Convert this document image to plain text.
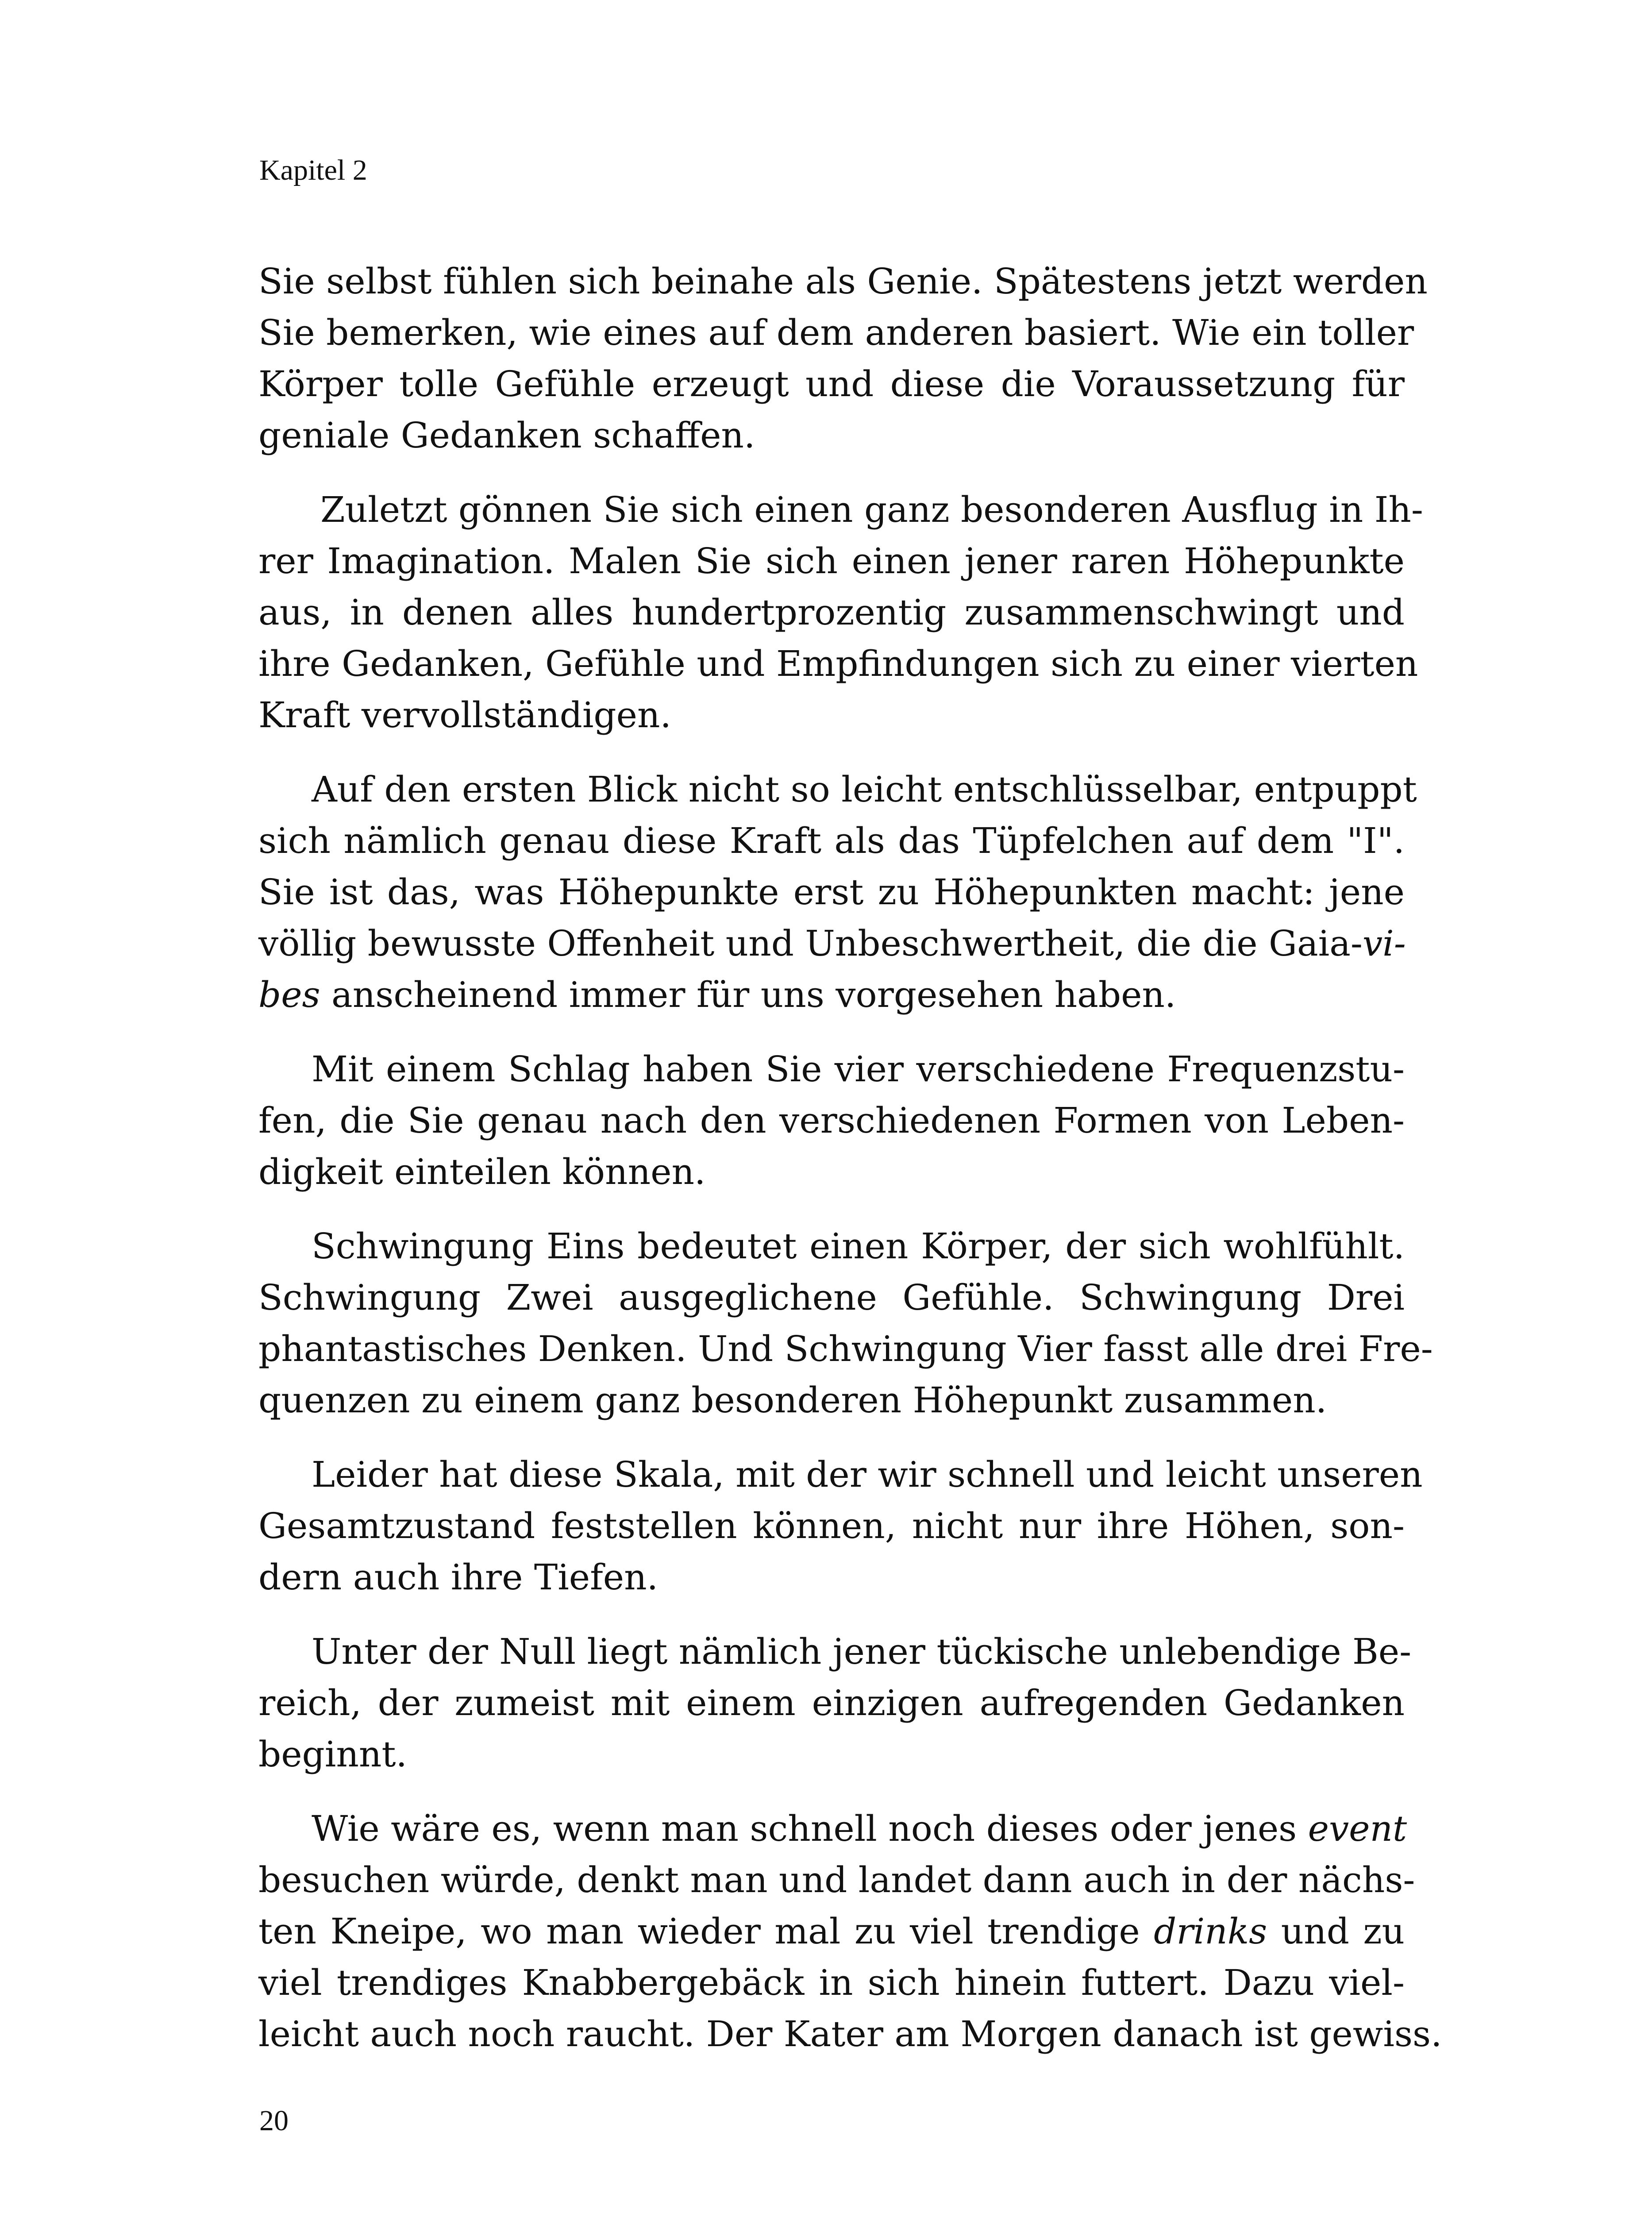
Kapitel 2

Sie selbst fühlen sich beinahe als Genie. Spätestens jetzt werden
Sie bemerken, wie eines auf dem anderen basiert. Wie ein toller
Körper tolle Gefühle erzeugt und diese die Voraussetzung für
geniale Gedanken schaffen.

Zuletzt gönnen Sie sich einen ganz besonderen Ausflug in Ih-
rer Imagination. Malen Sie sich einen jener raren Höhepunkte
aus, in denen alles hundertprozentig zusammenschwingt und
ihre Gedanken, Gefühle und Empfindungen sich zu einer vierten
Kraft vervollständigen.

Auf den ersten Blick nicht so leicht entschlüsselbar, entpuppt
sich nämlich genau diese Kraft als das Tüpfelchen auf dem "I".
Sie ist das, was Höhepunkte erst zu Höhepunkten macht: jene
völlig bewusste Offenheit und Unbeschwertheit, die die Gaia-vi-
bes anscheinend immer für uns vorgesehen haben.

Mit einem Schlag haben Sie vier verschiedene Frequenzstu-
fen, die Sie genau nach den verschiedenen Formen von Leben-
digkeit einteilen können.

Schwingung Eins bedeutet einen Körper, der sich wohlfühlt.
Schwingung Zwei ausgeglichene Gefühle. Schwingung Drei
phantastisches Denken. Und Schwingung Vier fasst alle drei Fre-
quenzen zu einem ganz besonderen Höhepunkt zusammen.

Leider hat diese Skala, mit der wir schnell und leicht unseren
Gesamtzustand feststellen können, nicht nur ihre Höhen, son-
dern auch ihre Tiefen.

Unter der Null liegt nämlich jener tückische unlebendige Be-
reich, der zumeist mit einem einzigen aufregenden Gedanken
beginnt.

Wie wäre es, wenn man schnell noch dieses oder jenes event
besuchen würde, denkt man und landet dann auch in der nächs-
ten Kneipe, wo man wieder mal zu viel trendige drinks und zu
viel trendiges Knabbergebäck in sich hinein futtert. Dazu viel-
leicht auch noch raucht. Der Kater am Morgen danach ist gewiss.

20
